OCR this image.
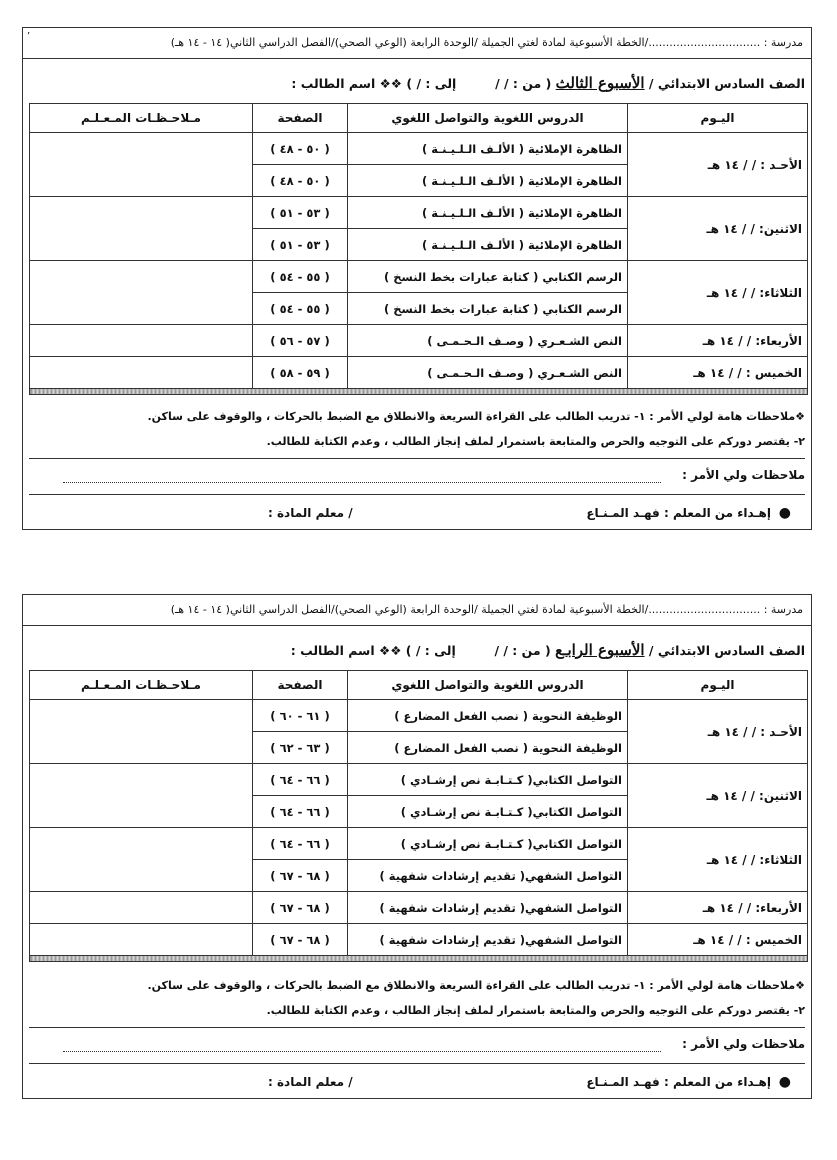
مدرسة : ................................/الخطة الأسبوعية لمادة لغتي الجميلة /الوحدة الرابعة (الوعي الصحي)/الفصل الدراسي الثاني( ١٤ - ١٤ هـ)
’
الصف السادس الابتدائي / الأسبوع الثالث ( من : / /  إلى : / ) ❖❖ اسم الطالب :
اليـوم	الدروس اللغوية والتواصل اللغوي	الصفحة	مـلاحـظـات المـعـلـم
الأحـد : / / ١٤ هـ	الظاهرة الإملائية ( الألـف الـلـيـنـة )	( ٥٠ - ٤٨ )	
	الظاهرة الإملائية ( الألـف الـلـيـنـة )	( ٥٠ - ٤٨ )	
الاثنين: / / ١٤ هـ	الظاهرة الإملائية ( الألـف الـلـيـنـة )	( ٥٣ - ٥١ )	
	الظاهرة الإملائية ( الألـف الـلـيـنـة )	( ٥٣ - ٥١ )	
الثلاثاء: / / ١٤ هـ	الرسم الكتابي ( كتابة عبارات بخط النسخ )	( ٥٥ - ٥٤ )	
	الرسم الكتابي ( كتابة عبارات بخط النسخ )	( ٥٥ - ٥٤ )	
الأربعاء: / / ١٤ هـ	النص الشـعـري ( وصـف الـحـمـى )	( ٥٧ - ٥٦ )	
الخميس : / / ١٤ هـ	النص الشـعـري ( وصـف الـحـمـى )	( ٥٩ - ٥٨ )	

❖ملاحظات هامة لولي الأمر : ١- تدريب الطالب على القراءة السريعة والانطلاق مع الضبط بالحركات ، والوقوف على ساكن.

٢- يقتصر دوركم على التوجيه والحرص والمتابعة باستمرار لملف إنجاز الطالب ، وعدم الكتابة للطالب.

ملاحظات ولي الأمر :
●
إهـداء من المعلم : فهـد المـنـاع
/ معلم المادة :
مدرسة : ................................/الخطة الأسبوعية لمادة لغتي الجميلة /الوحدة الرابعة (الوعي الصحي)/الفصل الدراسي الثاني( ١٤ - ١٤ هـ)
الصف السادس الابتدائي / الأسبوع الرابـع ( من : / /  إلى : / ) ❖❖ اسم الطالب :
اليـوم	الدروس اللغوية والتواصل اللغوي	الصفحة	مـلاحـظـات المـعـلـم
الأحـد : / / ١٤ هـ	الوظيفة النحوية ( نصب الفعل المضارع )	( ٦١ - ٦٠ )	
	الوظيفة النحوية ( نصب الفعل المضارع )	( ٦٣ - ٦٢ )	
الاثنين: / / ١٤ هـ	التواصل الكتابي( كـتـابـة نص إرشـادي )	( ٦٦ - ٦٤ )	
	التواصل الكتابي( كـتـابـة نص إرشـادي )	( ٦٦ - ٦٤ )	
الثلاثاء: / / ١٤ هـ	التواصل الكتابي( كـتـابـة نص إرشـادي )	( ٦٦ - ٦٤ )	
	التواصل الشفهي( تقديم إرشادات شفهية )	( ٦٨ - ٦٧ )	
الأربعاء: / / ١٤ هـ	التواصل الشفهي( تقديم إرشادات شفهية )	( ٦٨ - ٦٧ )	
الخميس : / / ١٤ هـ	التواصل الشفهي( تقديم إرشادات شفهية )	( ٦٨ - ٦٧ )	

❖ملاحظات هامة لولي الأمر : ١- تدريب الطالب على القراءة السريعة والانطلاق مع الضبط بالحركات ، والوقوف على ساكن.

٢- يقتصر دوركم على التوجيه والحرص والمتابعة باستمرار لملف إنجاز الطالب ، وعدم الكتابة للطالب.

ملاحظات ولي الأمر :
●
إهـداء من المعلم : فهـد المـنـاع
/ معلم المادة :
